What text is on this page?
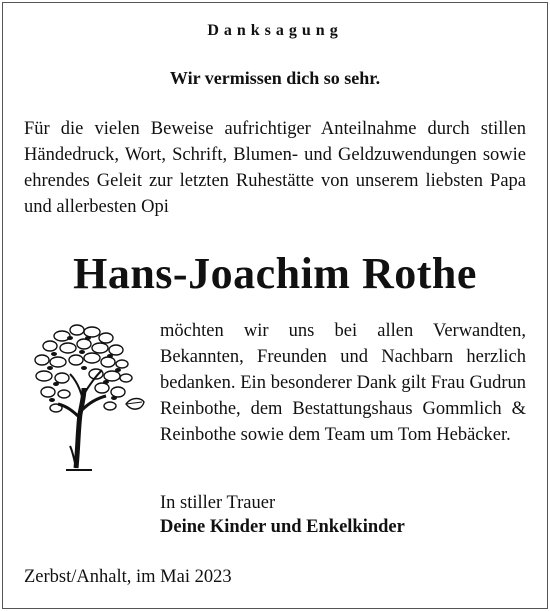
Danksagung
Wir vermissen dich so sehr.
Für die vielen Beweise aufrichtiger Anteilnahme durch stillen Händedruck, Wort, Schrift, Blumen- und Geldzuwendungen sowie ehrendes Geleit zur letzten Ruhestätte von unserem liebsten Papa und allerbesten Opi
Hans-Joachim Rothe
möchten wir uns bei allen Verwandten, Bekannten, Freunden und Nachbarn herzlich bedanken. Ein besonderer Dank gilt Frau Gudrun Reinbothe, dem Bestattungshaus Gommlich & Reinbothe sowie dem Team um Tom Hebäcker.
In stiller Trauer
Deine Kinder und Enkelkinder
Zerbst/Anhalt, im Mai 2023
